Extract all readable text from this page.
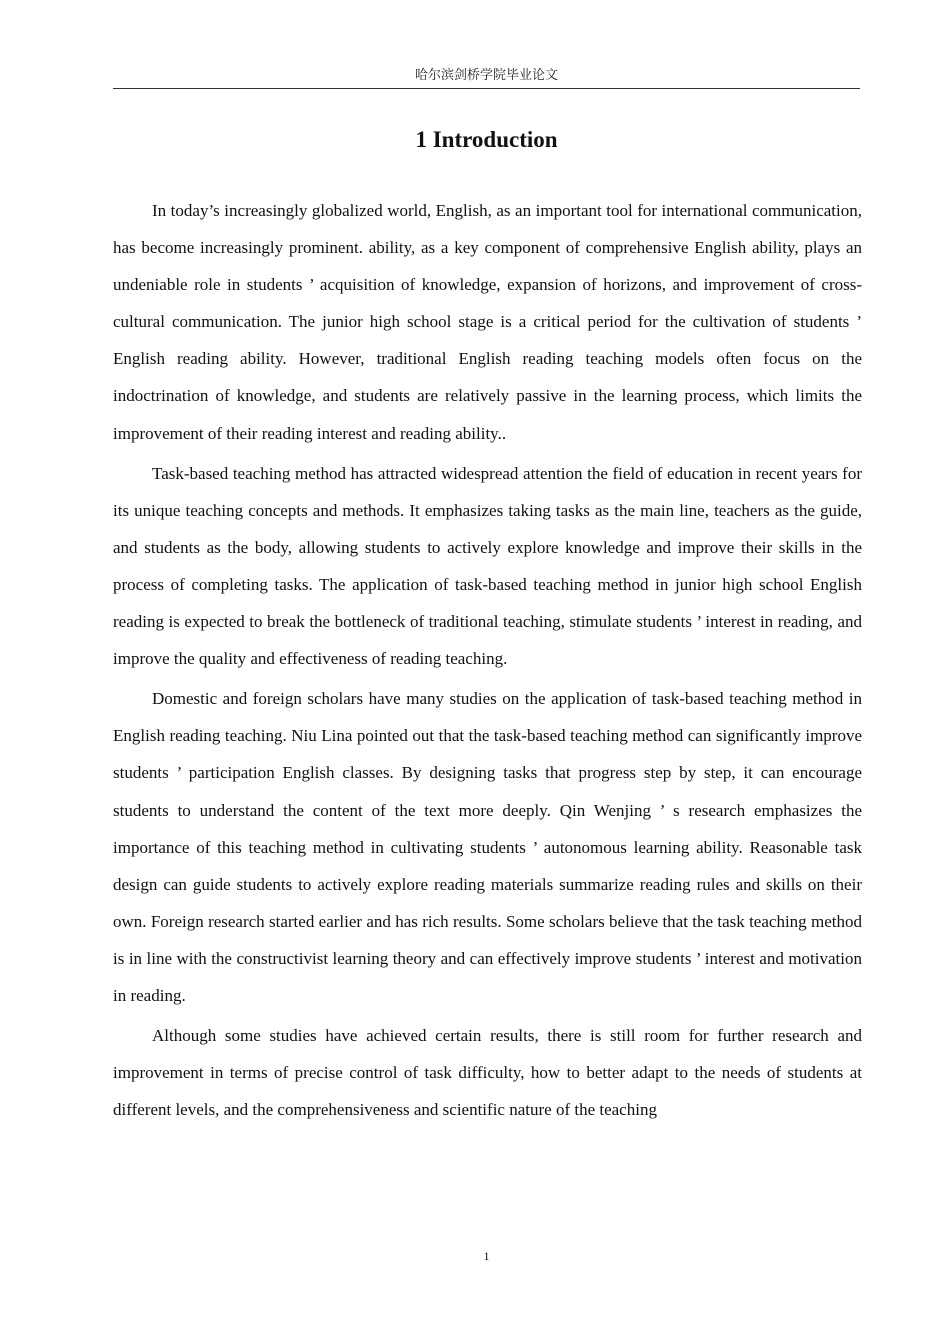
哈尔滨剑桥学院毕业论文
1 Introduction

In today’s increasingly globalized world, English, as an important tool for international communication, has become increasingly prominent. ability, as a key component of comprehensive English ability, plays an undeniable role in students ’ acquisition of knowledge, expansion of horizons, and improvement of cross-cultural communication. The junior high school stage is a critical period for the cultivation of students ’ English reading ability. However, traditional English reading teaching models often focus on the indoctrination of knowledge, and students are relatively passive in the learning process, which limits the improvement of their reading interest and reading ability..

Task-based teaching method has attracted widespread attention the field of education in recent years for its unique teaching concepts and methods. It emphasizes taking tasks as the main line, teachers as the guide, and students as the body, allowing students to actively explore knowledge and improve their skills in the process of completing tasks. The application of task-based teaching method in junior high school English reading is expected to break the bottleneck of traditional teaching, stimulate students ’ interest in reading, and improve the quality and effectiveness of reading teaching.

Domestic and foreign scholars have many studies on the application of task-based teaching method in English reading teaching. Niu Lina pointed out that the task-based teaching method can significantly improve students ’ participation English classes. By designing tasks that progress step by step, it can encourage students to understand the content of the text more deeply. Qin Wenjing ’ s research emphasizes the importance of this teaching method in cultivating students ’ autonomous learning ability. Reasonable task design can guide students to actively explore reading materials summarize reading rules and skills on their own. Foreign research started earlier and has rich results. Some scholars believe that the task teaching method is in line with the constructivist learning theory and can effectively improve students ’ interest and motivation in reading.

Although some studies have achieved certain results, there is still room for further research and improvement in terms of precise control of task difficulty, how to better adapt to the needs of students at different levels, and the comprehensiveness and scientific nature of the teaching

1
